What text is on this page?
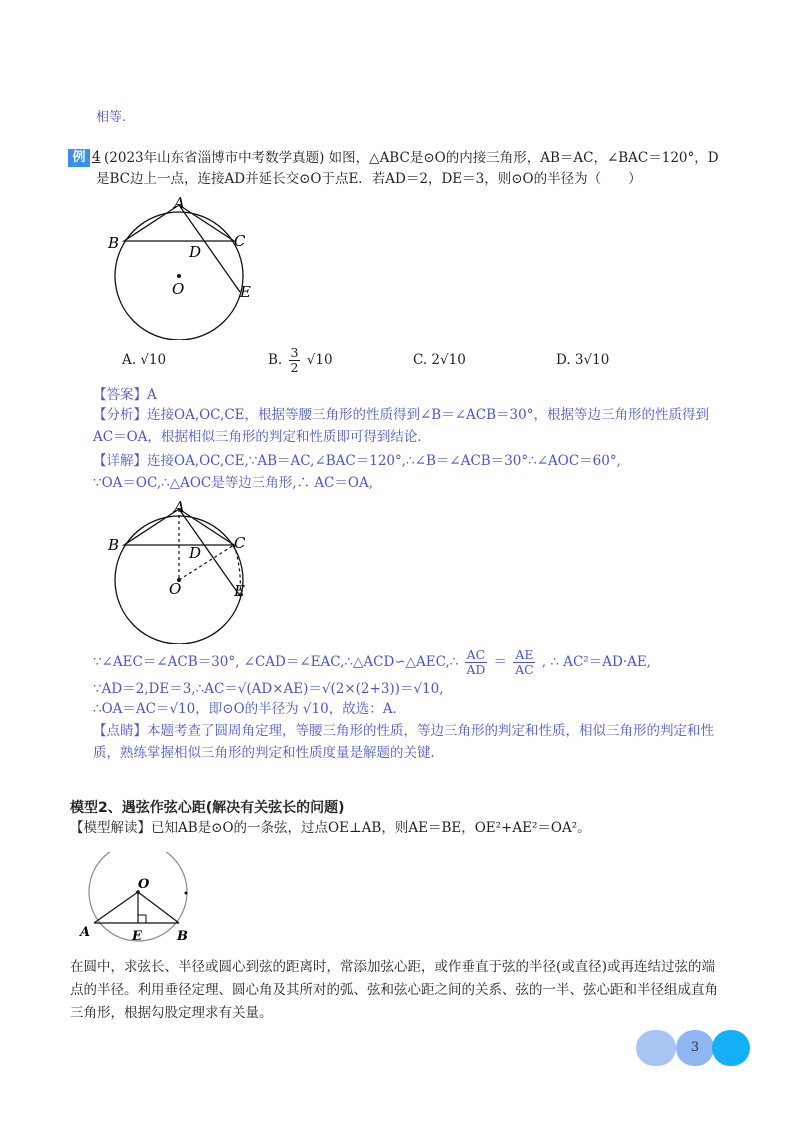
相等.
例 4 (2023年山东省淄博市中考数学真题) 如图，△ABC是⊙O的内接三角形，AB＝AC，∠BAC＝120°，D
是BC边上一点，连接AD并延长交⊙O于点E．若AD＝2，DE＝3，则⊙O的半径为（　　）
A
B	C
D
O	E
A. √10	B. $\frac{3}{2} √10$	C. 2√10	D. 3√10
【答案】A
【分析】连接OA,OC,CE，根据等腰三角形的性质得到∠B＝∠ACB＝30°，根据等边三角形的性质得到
AC＝OA，根据相似三角形的判定和性质即可得到结论．
【详解】连接OA,OC,CE,∵AB＝AC,∠BAC＝120°,∴∠B＝∠ACB＝30°∴∠AOC＝60°,
∵OA＝OC,∴△AOC是等边三角形,∴ AC＝OA,
A
B	C
D
O	E
∵∠AEC＝∠ACB＝30°, ∠CAD＝∠EAC,∴△ACD∽△AEC,∴ $\frac{AC}{AD} = \frac{AE}{AC}$ , ∴ AC²＝AD·AE,
∵AD＝2,DE＝3,∴AC＝√(AD×AE)＝√(2×(2+3))＝√10,
∴OA＝AC＝√10，即⊙O的半径为 √10，故选：A．
【点睛】本题考查了圆周角定理，等腰三角形的性质，等边三角形的判定和性质，相似三角形的判定和性
质，熟练掌握相似三角形的判定和性质度量是解题的关键．
模型2、遇弦作弦心距(解决有关弦长的问题)
【模型解读】已知AB是⊙O的一条弦，过点OE⊥AB，则AE＝BE，OE²+AE²＝OA²。
O
A	E	B
在圆中，求弦长、半径或圆心到弦的距离时，常添加弦心距，或作垂直于弦的半径(或直径)或再连结过弦的端
点的半径。利用垂径定理、圆心角及其所对的弧、弦和弦心距之间的关系、弦的一半、弦心距和半径组成直角
三角形，根据勾股定理求有关量。
3
